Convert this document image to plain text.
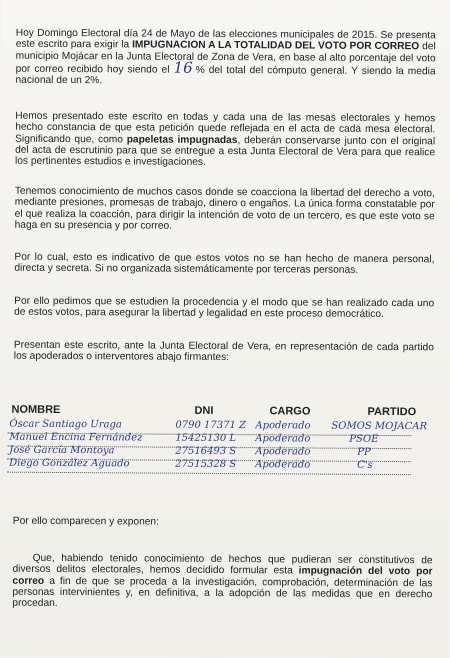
Hoy Domingo Electoral día 24 de Mayo de las elecciones municipales de 2015. Se presenta este escrito para exigir la IMPUGNACION A LA TOTALIDAD DEL VOTO POR CORREO del municipio Mojácar en la Junta Electoral de Zona de Vera, en base al alto porcentaje del voto por correo recibido hoy siendo el 16 % del total del cómputo general. Y siendo la media nacional de un 2%.

Hemos presentado este escrito en todas y cada una de las mesas electorales y hemos hecho constancia de que esta petición quede reflejada en el acta de cada mesa electoral. Significando que, como papeletas impugnadas, deberán conservarse junto con el original del acta de escrutinio para que se entregue a esta Junta Electoral de Vera para que realice los pertinentes estudios e investigaciones.

Tenemos conocimiento de muchos casos donde se coacciona la libertad del derecho a voto, mediante presiones, promesas de trabajo, dinero o engaños. La única forma constatable por el que realiza la coacción, para dirigir la intención de voto de un tercero, es que este voto se haga en su presencia y por correo.

Por lo cual, esto es indicativo de que estos votos no se han hecho de manera personal, directa y secreta. Si no organizada sistemáticamente por terceras personas.

Por ello pedimos que se estudien la procedencia y el modo que se han realizado cada uno de estos votos, para asegurar la libertad y legalidad en este proceso democrático.

Presentan este escrito, ante la Junta Electoral de Vera, en representación de cada partido los apoderados o interventores abajo firmantes:

NOMBRE	DNI	CARGO	PARTIDO
Óscar Santiago Uraga	0790 17371 Z Apoderado SOMOS MOJACAR
Manuel Encina Fernández	15425130 L Apoderado	PSOE
José García Montoya	27516493 S Apoderado	PP
Diego González Aguado	27515328 S Apoderado	C's

Por ello comparecen y exponen:

Que, habiendo tenido conocimiento de hechos que pudieran ser constitutivos de diversos delitos electorales, hemos decidido formular esta impugnación del voto por correo a fin de que se proceda a la investigación, comprobación, determinación de las personas intervinientes y, en definitiva, a la adopción de las medidas que en derecho procedan.
